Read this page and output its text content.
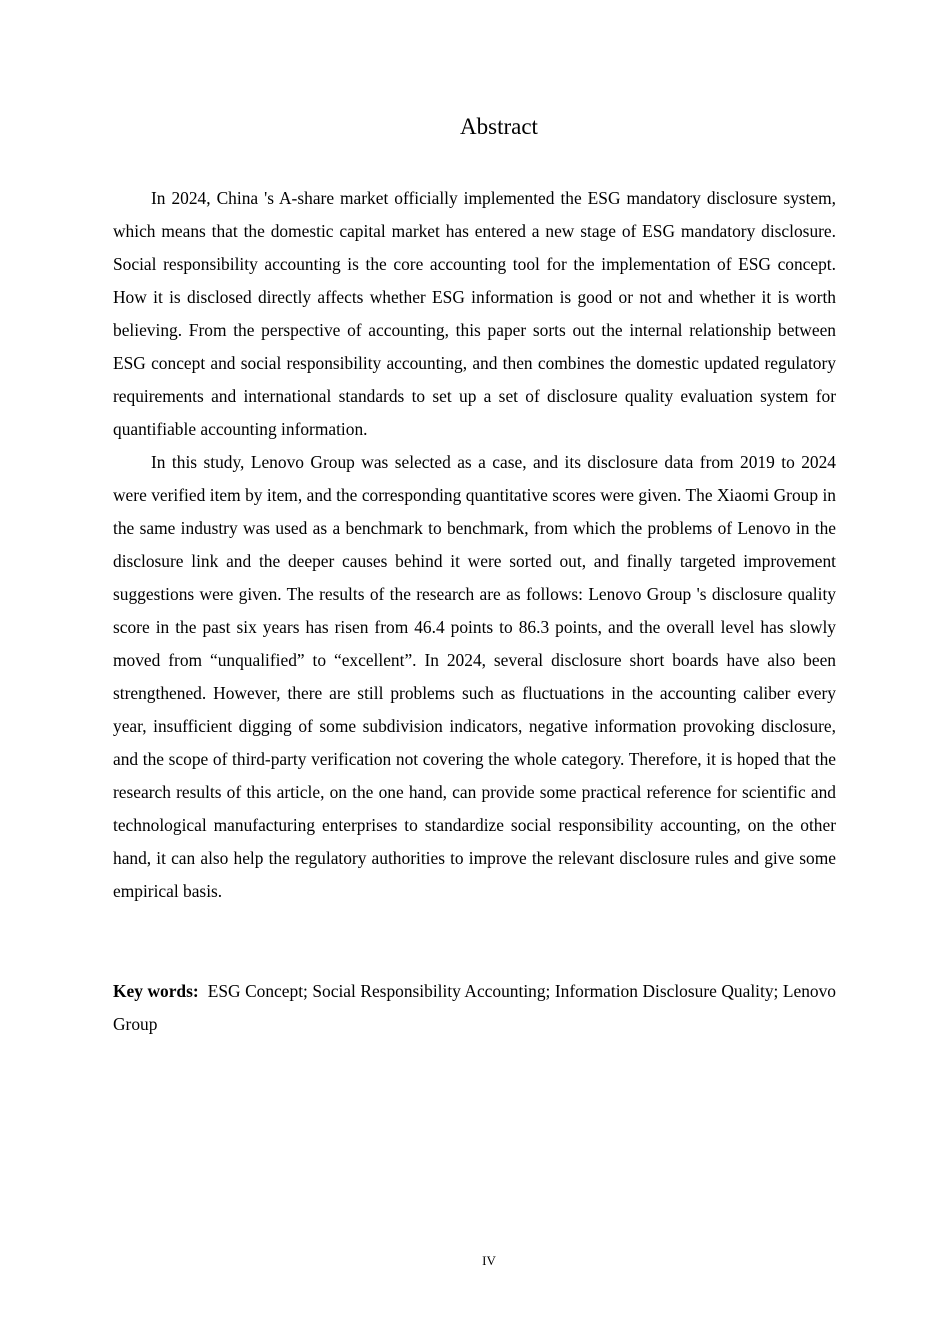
Abstract

In 2024, China 's A-share market officially implemented the ESG mandatory disclosure system, which means that the domestic capital market has entered a new stage of ESG mandatory disclosure. Social responsibility accounting is the core accounting tool for the implementation of ESG concept. How it is disclosed directly affects whether ESG information is good or not and whether it is worth believing. From the perspective of accounting, this paper sorts out the internal relationship between ESG concept and social responsibility accounting, and then combines the domestic updated regulatory requirements and international standards to set up a set of disclosure quality evaluation system for quantifiable accounting information.

In this study, Lenovo Group was selected as a case, and its disclosure data from 2019 to 2024 were verified item by item, and the corresponding quantitative scores were given. The Xiaomi Group in the same industry was used as a benchmark to benchmark, from which the problems of Lenovo in the disclosure link and the deeper causes behind it were sorted out, and finally targeted improvement suggestions were given. The results of the research are as follows: Lenovo Group 's disclosure quality score in the past six years has risen from 46.4 points to 86.3 points, and the overall level has slowly moved from “unqualified” to “excellent”. In 2024, several disclosure short boards have also been strengthened. However, there are still problems such as fluctuations in the accounting caliber every year, insufficient digging of some subdivision indicators, negative information provoking disclosure, and the scope of third-party verification not covering the whole category. Therefore, it is hoped that the research results of this article, on the one hand, can provide some practical reference for scientific and technological manufacturing enterprises to standardize social responsibility accounting, on the other hand, it can also help the regulatory authorities to improve the relevant disclosure rules and give some empirical basis.

Key words: ESG Concept; Social Responsibility Accounting; Information Disclosure Quality; Lenovo Group

IV
